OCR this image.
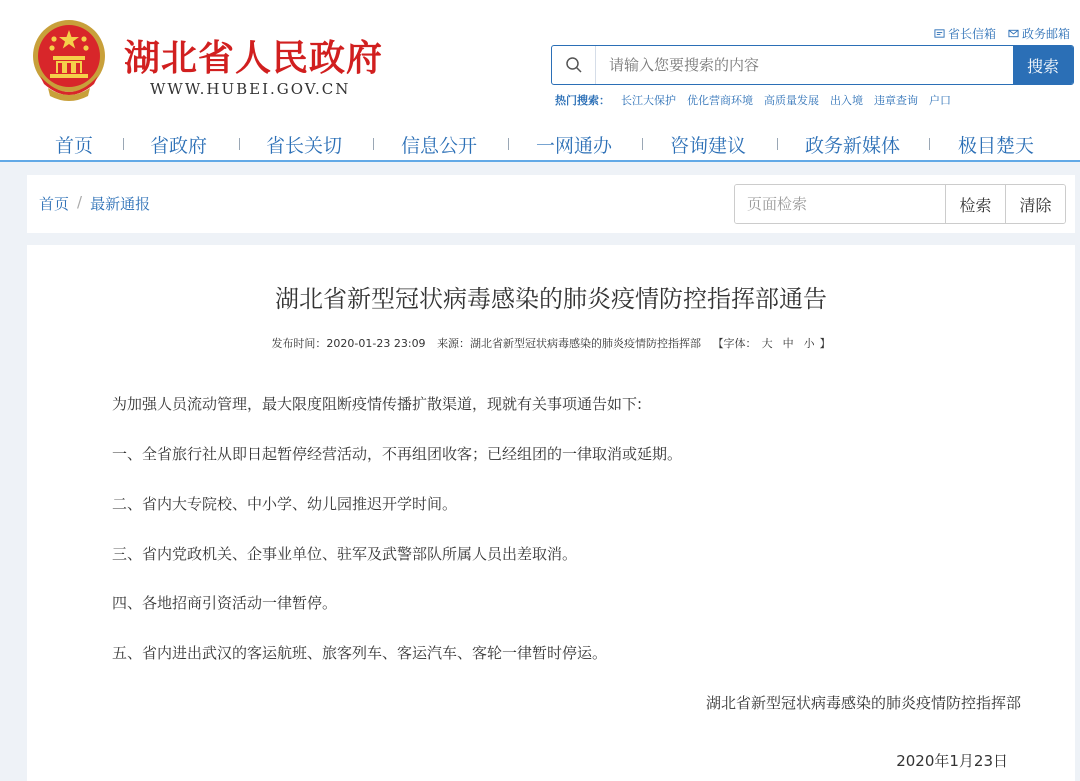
湖北省人民政府
WWW.HUBEI.GOV.CN
省长信箱 政务邮箱
请输入您要搜索的内容
搜索
热门搜索： 长江大保护 优化营商环境 高质量发展 出入境 违章查询 户口
首页	省政府	省长关切	信息公开	一网通办	咨询建议	政务新媒体	极目楚天
首页 / 最新通报
页面检索	检索	清除
湖北省新型冠状病毒感染的肺炎疫情防控指挥部通告
发布时间：2020-01-23 23:09 来源：湖北省新型冠状病毒感染的肺炎疫情防控指挥部 【字体： 大 中 小 】
为加强人员流动管理，最大限度阻断疫情传播扩散渠道，现就有关事项通告如下:
一、全省旅行社从即日起暂停经营活动，不再组团收客；已经组团的一律取消或延期。
二、省内大专院校、中小学、幼儿园推迟开学时间。
三、省内党政机关、企事业单位、驻军及武警部队所属人员出差取消。
四、各地招商引资活动一律暂停。
五、省内进出武汉的客运航班、旅客列车、客运汽车、客轮一律暂时停运。
湖北省新型冠状病毒感染的肺炎疫情防控指挥部
2020年1月23日
